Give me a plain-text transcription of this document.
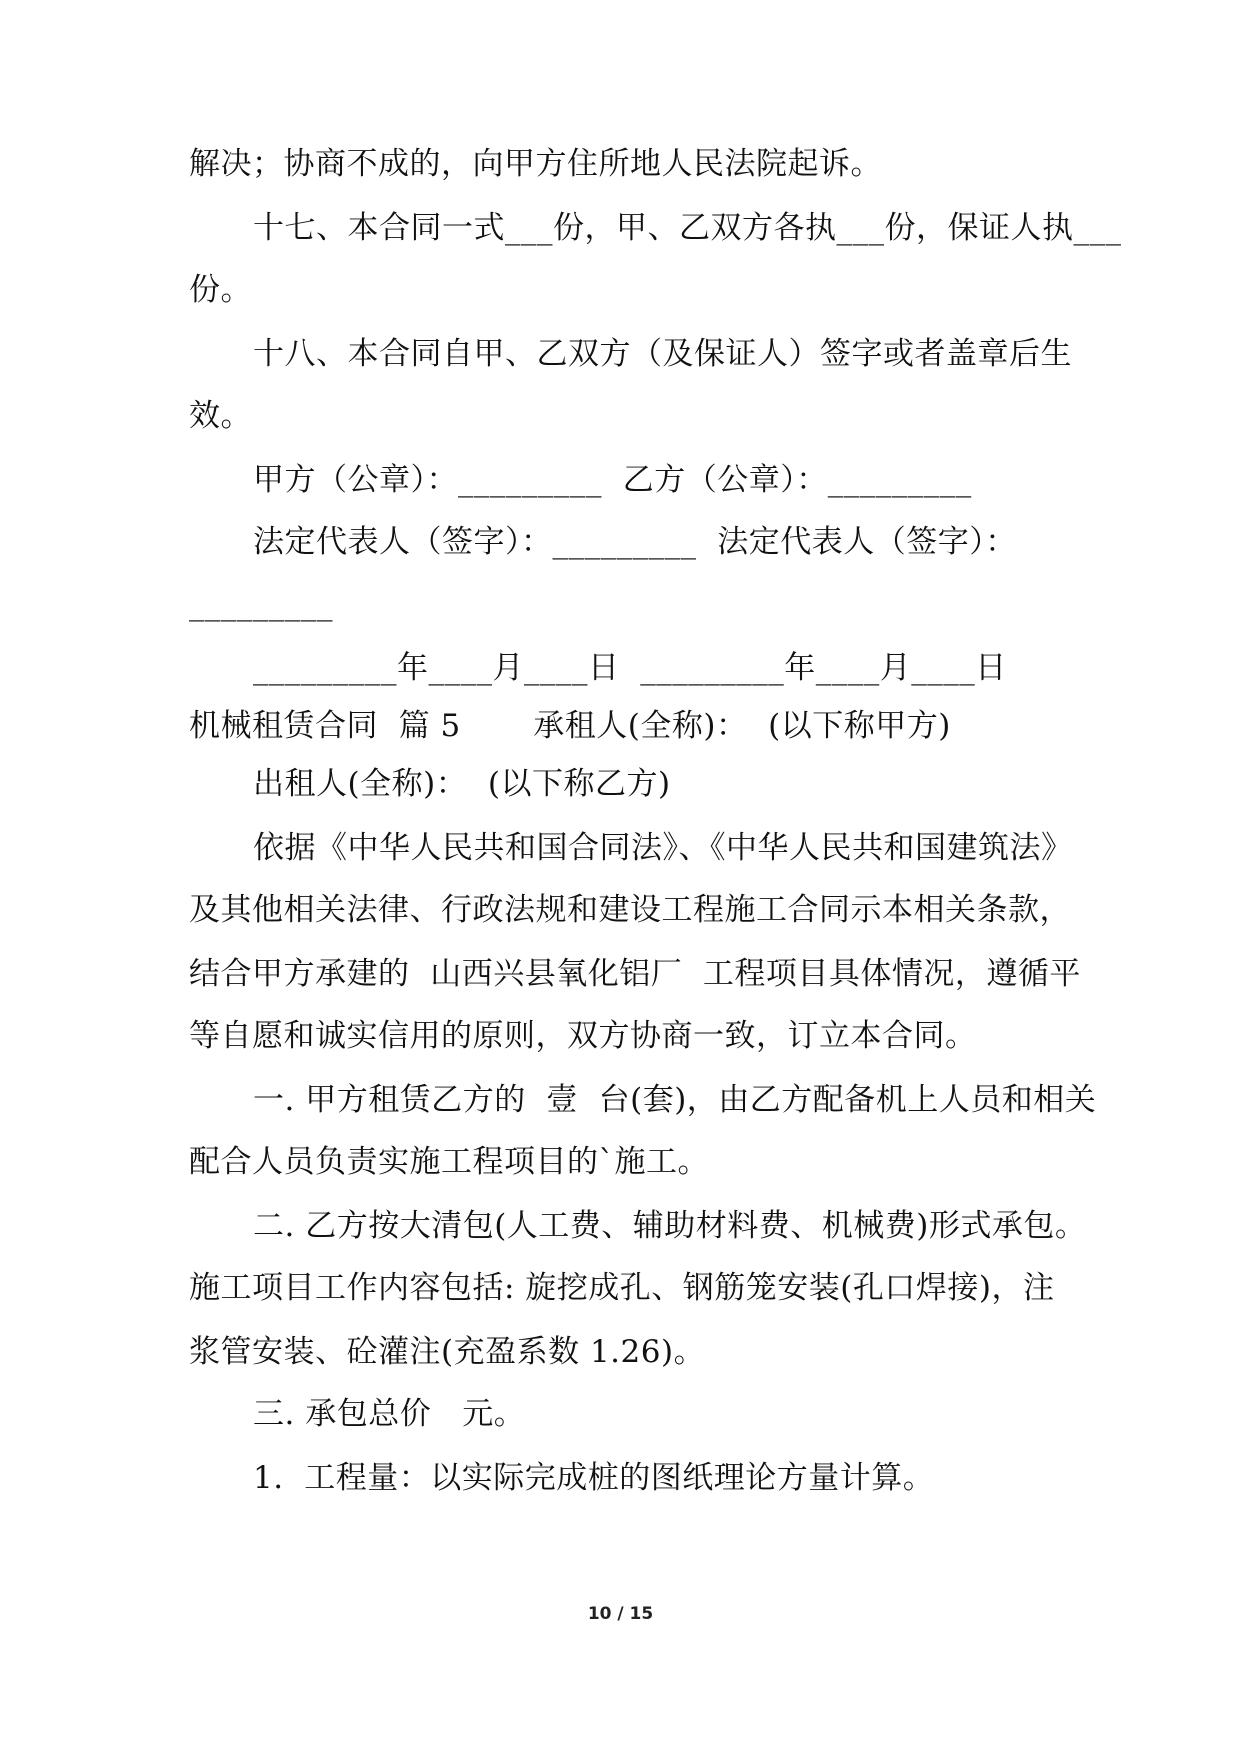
解决；协商不成的，向甲方住所地人民法院起诉。
十七、本合同一式___份，甲、乙双方各执___份，保证人执___
份。
十八、本合同自甲、乙双方（及保证人）签字或者盖章后生
效。
甲方（公章）：_________  乙方（公章）：_________
法定代表人（签字）：_________  法定代表人（签字）：
_________
_________年____月____日  _________年____月____日
机械租赁合同  篇 5       承租人(全称)：  (以下称甲方)
出租人(全称)：  (以下称乙方)
依据《中华人民共和国合同法》、《中华人民共和国建筑法》
及其他相关法律、行政法规和建设工程施工合同示本相关条款，
结合甲方承建的  山西兴县氧化铝厂  工程项目具体情况，遵循平
等自愿和诚实信用的原则，双方协商一致，订立本合同。
一. 甲方租赁乙方的  壹  台(套)，由乙方配备机上人员和相关
配合人员负责实施工程项目的`施工。
二. 乙方按大清包(人工费、辅助材料费、机械费)形式承包。
施工项目工作内容包括: 旋挖成孔、钢筋笼安装(孔口焊接)，注
浆管安装、砼灌注(充盈系数 1.26)。
三. 承包总价   元。
1.  工程量：以实际完成桩的图纸理论方量计算。
10 / 15
